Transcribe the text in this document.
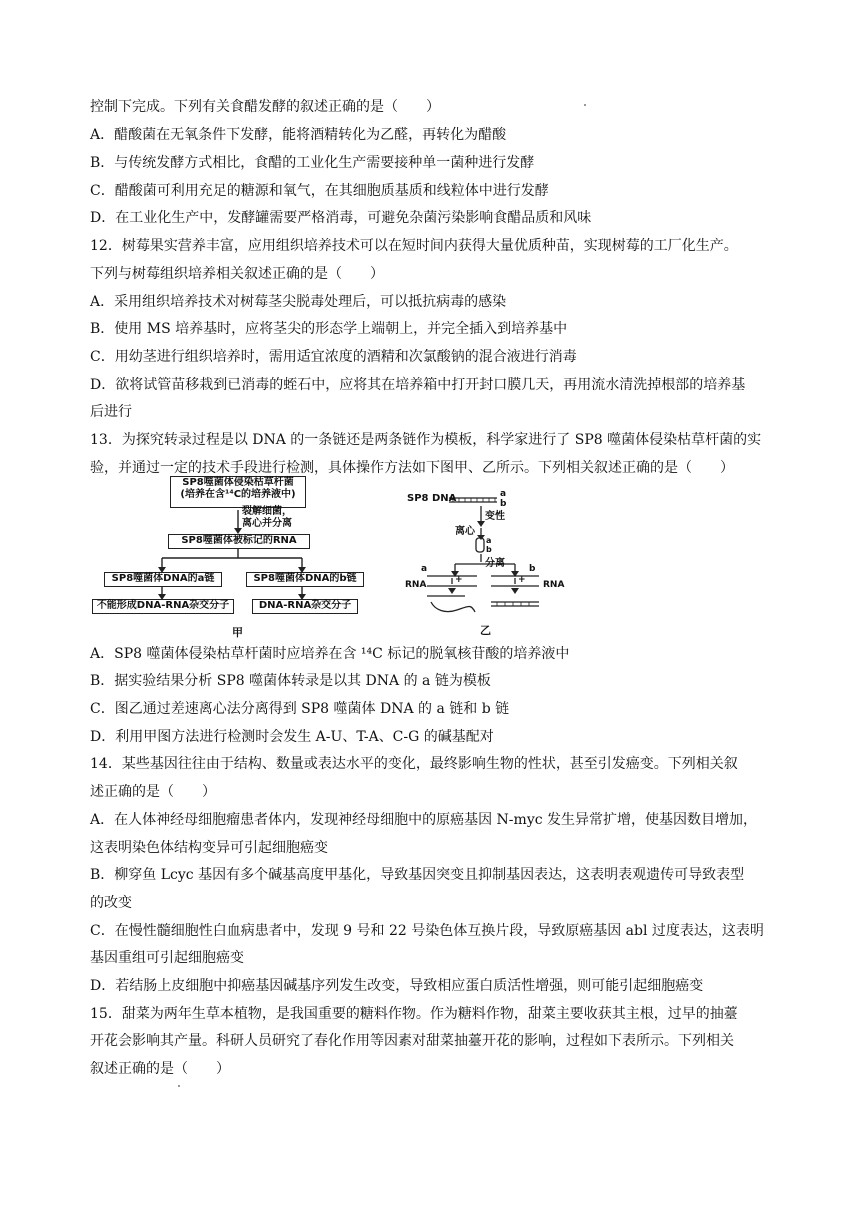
控制下完成。下列有关食醋发酵的叙述正确的是（　　）
A．醋酸菌在无氧条件下发酵，能将酒精转化为乙醛，再转化为醋酸
B．与传统发酵方式相比，食醋的工业化生产需要接种单一菌种进行发酵
C．醋酸菌可利用充足的糖源和氧气，在其细胞质基质和线粒体中进行发酵
D．在工业化生产中，发酵罐需要严格消毒，可避免杂菌污染影响食醋品质和风味
12．树莓果实营养丰富，应用组织培养技术可以在短时间内获得大量优质种苗，实现树莓的工厂化生产。
下列与树莓组织培养相关叙述正确的是（　　）
A．采用组织培养技术对树莓茎尖脱毒处理后，可以抵抗病毒的感染
B．使用 MS 培养基时，应将茎尖的形态学上端朝上，并完全插入到培养基中
C．用幼茎进行组织培养时，需用适宜浓度的酒精和次氯酸钠的混合液进行消毒
D．欲将试管苗移栽到已消毒的蛭石中，应将其在培养箱中打开封口膜几天，再用流水清洗掉根部的培养基
后进行
13．为探究转录过程是以 DNA 的一条链还是两条链作为模板，科学家进行了 SP8 噬菌体侵染枯草杆菌的实
验，并通过一定的技术手段进行检测，具体操作方法如下图甲、乙所示。下列相关叙述正确的是（　　）
SP8噬菌体侵染枯草杆菌
(培养在含¹⁴C的培养液中)
裂解细菌，
离心并分离
SP8噬菌体被标记的RNA
SP8噬菌体DNA的a链	SP8噬菌体DNA的b链
不能形成DNA-RNA杂交分子	DNA-RNA杂交分子
甲
SP8 DNA	a
b
变性
离心
a
b
分离
a	b
RNA	RNA
+	+
乙
A．SP8 噬菌体侵染枯草杆菌时应培养在含 ¹⁴C 标记的脱氧核苷酸的培养液中
B．据实验结果分析 SP8 噬菌体转录是以其 DNA 的 a 链为模板
C．图乙通过差速离心法分离得到 SP8 噬菌体 DNA 的 a 链和 b 链
D．利用甲图方法进行检测时会发生 A-U、T-A、C-G 的碱基配对
14．某些基因往往由于结构、数量或表达水平的变化，最终影响生物的性状，甚至引发癌变。下列相关叙
述正确的是（　　）
A．在人体神经母细胞瘤患者体内，发现神经母细胞中的原癌基因 N-myc 发生异常扩增，使基因数目增加，
这表明染色体结构变异可引起细胞癌变
B．柳穿鱼 Lcyc 基因有多个碱基高度甲基化，导致基因突变且抑制基因表达，这表明表观遗传可导致表型
的改变
C．在慢性髓细胞性白血病患者中，发现 9 号和 22 号染色体互换片段，导致原癌基因 abl 过度表达，这表明
基因重组可引起细胞癌变
D．若结肠上皮细胞中抑癌基因碱基序列发生改变，导致相应蛋白质活性增强，则可能引起细胞癌变
15．甜菜为两年生草本植物，是我国重要的糖料作物。作为糖料作物，甜菜主要收获其主根，过早的抽薹
开花会影响其产量。科研人员研究了春化作用等因素对甜菜抽薹开花的影响，过程如下表所示。下列相关
叙述正确的是（　　）
